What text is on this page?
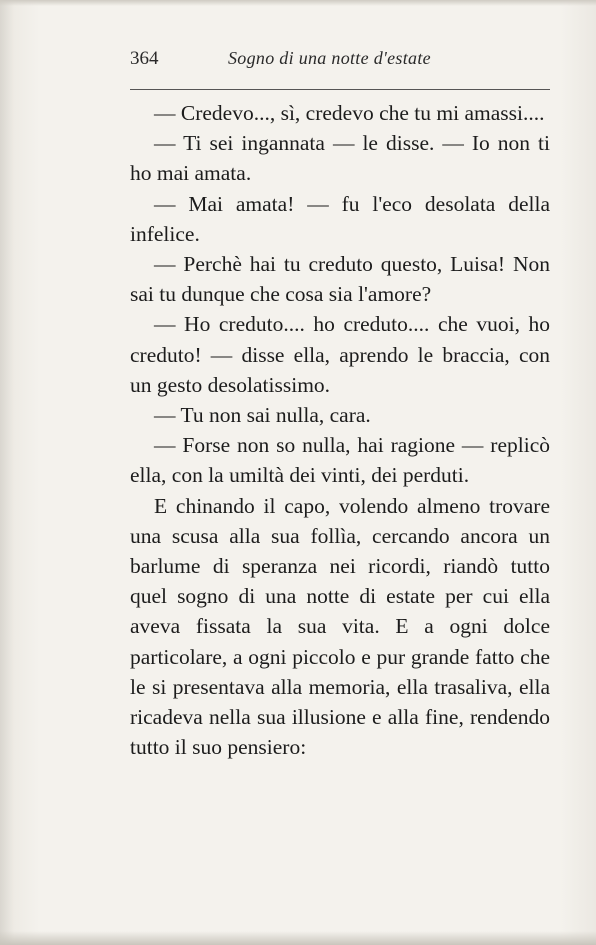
364	Sogno di una notte d'estate

— Credevo..., sì, credevo che tu mi amassi....

— Ti sei ingannata — le disse. — Io non ti ho mai amata.

— Mai amata! — fu l'eco desolata della infelice.

— Perchè hai tu creduto questo, Luisa! Non sai tu dunque che cosa sia l'amore?

— Ho creduto.... ho creduto.... che vuoi, ho creduto! — disse ella, aprendo le braccia, con un gesto desolatissimo.

— Tu non sai nulla, cara.

— Forse non so nulla, hai ragione — replicò ella, con la umiltà dei vinti, dei perduti.

E chinando il capo, volendo almeno trovare una scusa alla sua follìa, cercando ancora un barlume di speranza nei ricordi, riandò tutto quel sogno di una notte di estate per cui ella aveva fissata la sua vita. E a ogni dolce particolare, a ogni piccolo e pur grande fatto che le si presentava alla memoria, ella trasaliva, ella ricadeva nella sua illusione e alla fine, rendendo tutto il suo pensiero:
